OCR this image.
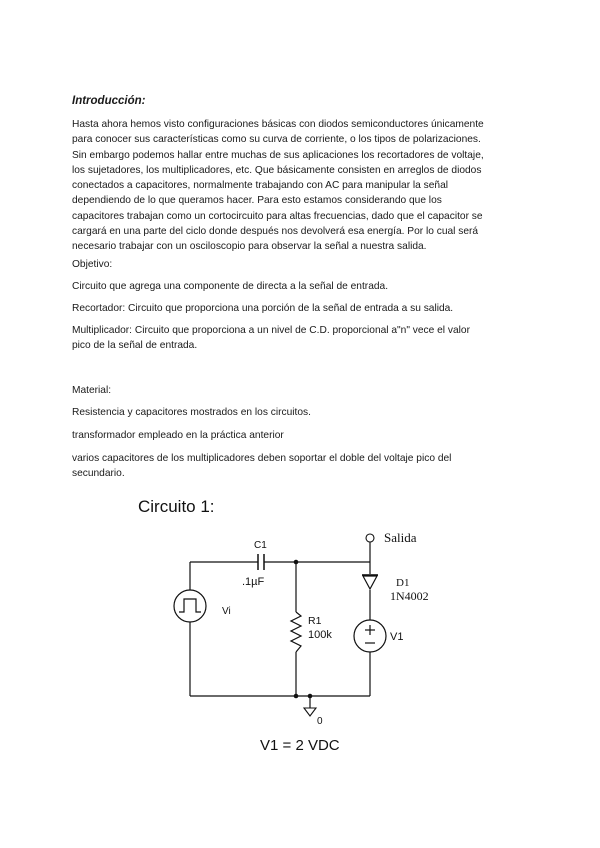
Introducción:
Hasta ahora hemos visto configuraciones básicas con diodos semiconductores únicamente
para conocer sus características como su curva de corriente, o los tipos de polarizaciones.
Sin embargo podemos hallar entre muchas de sus aplicaciones los recortadores de voltaje,
los sujetadores, los multiplicadores, etc. Que básicamente consisten en arreglos de diodos
conectados a capacitores, normalmente trabajando con AC para manipular la señal
dependiendo de lo que queramos hacer. Para esto estamos considerando que los
capacitores trabajan como un cortocircuito para altas frecuencias, dado que el capacitor se
cargará en una parte del ciclo donde después nos devolverá esa energía. Por lo cual será
necesario trabajar con un osciloscopio para observar la señal a nuestra salida.
Objetivo:
Circuito que agrega una componente de directa a la señal de entrada.
Recortador: Circuito que proporciona una porción de la señal de entrada a su salida.
Multiplicador: Circuito que proporciona a un nivel de C.D. proporcional a"n" vece el valor
pico de la señal de entrada.
Material:
Resistencia y capacitores mostrados en los circuitos.
transformador empleado en la práctica anterior
varios capacitores de los multiplicadores deben soportar el doble del voltaje pico del
secundario.
Circuito 1:
C1
.1µF
Vi
R1
100k
Salida
D1
1N4002
V1
0
V1 = 2 VDC
